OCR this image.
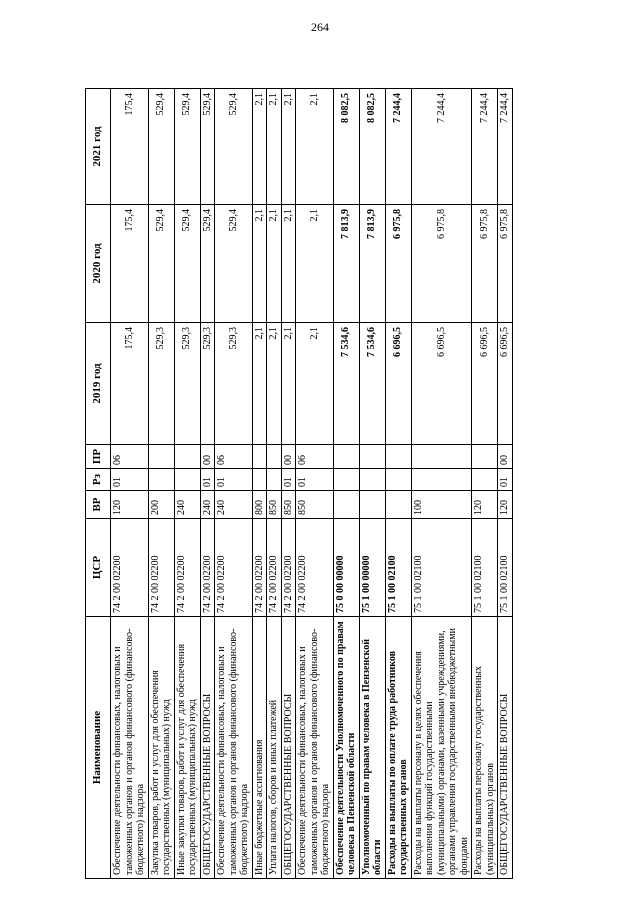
264
Наименование	ЦСР	ВР	Рз	ПР	2019 год	2020 год	2021 год
Обеспечение деятельности финансовых, налоговых и таможенных органов и органов финансового (финансово-бюджетного) надзора	74 2 00 02200	120	01	06	175,4	175,4	175,4
Закупка товаров, работ и услуг для обеспечения государственных (муниципальных) нужд	74 2 00 02200	200			529,3	529,4	529,4
Иные закупки товаров, работ и услуг для обеспечения государственных (муниципальных) нужд	74 2 00 02200	240			529,3	529,4	529,4
ОБЩЕГОСУДАРСТВЕННЫЕ ВОПРОСЫ	74 2 00 02200	240	01	00	529,3	529,4	529,4
Обеспечение деятельности финансовых, налоговых и таможенных органов и органов финансового (финансово-бюджетного) надзора	74 2 00 02200	240	01	06	529,3	529,4	529,4
Иные бюджетные ассигнования	74 2 00 02200	800			2,1	2,1	2,1
Уплата налогов, сборов и иных платежей	74 2 00 02200	850			2,1	2,1	2,1
ОБЩЕГОСУДАРСТВЕННЫЕ ВОПРОСЫ	74 2 00 02200	850	01	00	2,1	2,1	2,1
Обеспечение деятельности финансовых, налоговых и таможенных органов и органов финансового (финансово-бюджетного) надзора	74 2 00 02200	850	01	06	2,1	2,1	2,1
Обеспечение деятельности Уполномоченного по правам человека в Пензенской области	75 0 00 00000				7 534,6	7 813,9	8 082,5
Уполномоченный по правам человека в Пензенской области	75 1 00 00000				7 534,6	7 813,9	8 082,5
Расходы на выплаты по оплате труда работников государственных органов	75 1 00 02100				6 696,5	6 975,8	7 244,4
Расходы на выплаты персоналу в целях обеспечения выполнения функций государственными (муниципальными) органами, казенными учреждениями, органами управления государственными внебюджетными фондами	75 1 00 02100	100			6 696,5	6 975,8	7 244,4
Расходы на выплаты персоналу государственных (муниципальных) органов	75 1 00 02100	120			6 696,5	6 975,8	7 244,4
ОБЩЕГОСУДАРСТВЕННЫЕ ВОПРОСЫ	75 1 00 02100	120	01	00	6 696,5	6 975,8	7 244,4
